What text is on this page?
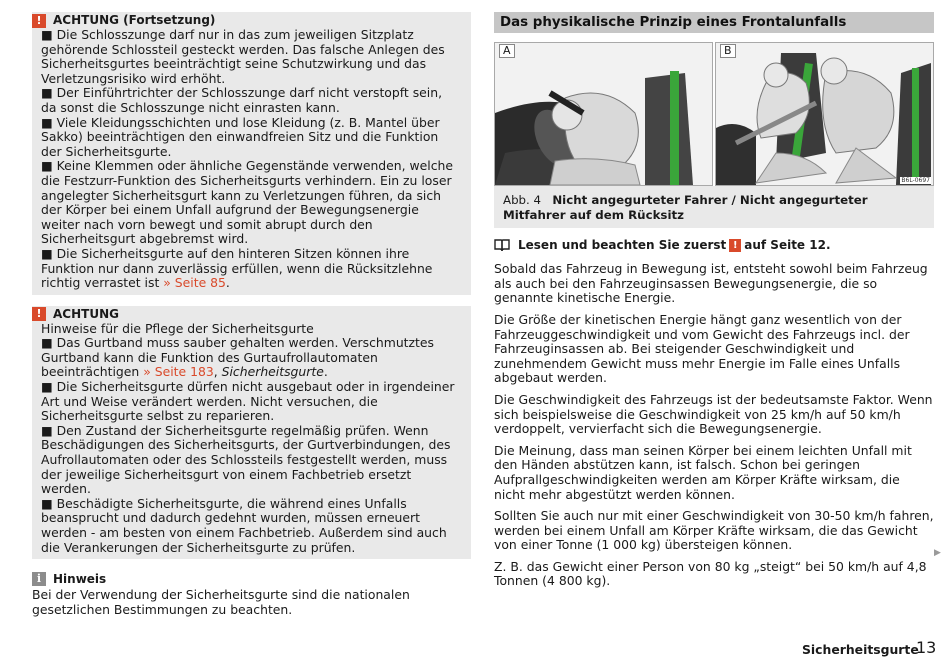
! ACHTUNG (Fortsetzung)

■ Die Schlosszunge darf nur in das zum jeweiligen Sitzplatz gehörende Schlossteil gesteckt werden. Das falsche Anlegen des Sicherheitsgurtes beeinträchtigt seine Schutzwirkung und das Verletzungsrisiko wird erhöht.

■ Der Einführtrichter der Schlosszunge darf nicht verstopft sein, da sonst die Schlosszunge nicht einrasten kann.

■ Viele Kleidungsschichten und lose Kleidung (z. B. Mantel über Sakko) beeinträchtigen den einwandfreien Sitz und die Funktion der Sicherheitsgurte.

■ Keine Klemmen oder ähnliche Gegenstände verwenden, welche die Festzurr-Funktion des Sicherheitsgurts verhindern. Ein zu loser angelegter Sicherheitsgurt kann zu Verletzungen führen, da sich der Körper bei einem Unfall aufgrund der Bewegungsenergie weiter nach vorn bewegt und somit abrupt durch den Sicherheitsgurt abgebremst wird.

■ Die Sicherheitsgurte auf den hinteren Sitzen können ihre Funktion nur dann zuverlässig erfüllen, wenn die Rücksitzlehne richtig verrastet ist » Seite 85.

! ACHTUNG

Hinweise für die Pflege der Sicherheitsgurte

■ Das Gurtband muss sauber gehalten werden. Verschmutztes Gurtband kann die Funktion des Gurtaufrollautomaten beeinträchtigen » Seite 183, Sicherheitsgurte.

■ Die Sicherheitsgurte dürfen nicht ausgebaut oder in irgendeiner Art und Weise verändert werden. Nicht versuchen, die Sicherheitsgurte selbst zu reparieren.

■ Den Zustand der Sicherheitsgurte regelmäßig prüfen. Wenn Beschädigungen des Sicherheitsgurts, der Gurtverbindungen, des Aufrollautomaten oder des Schlossteils festgestellt werden, muss der jeweilige Sicherheitsgurt von einem Fachbetrieb ersetzt werden.

■ Beschädigte Sicherheitsgurte, die während eines Unfalls beansprucht und dadurch gedehnt wurden, müssen erneuert werden - am besten von einem Fachbetrieb. Außerdem sind auch die Verankerungen der Sicherheitsgurte zu prüfen.

i Hinweis

Bei der Verwendung der Sicherheitsgurte sind die nationalen gesetzlichen Bestimmungen zu beachten.

Das physikalische Prinzip eines Frontalunfalls
A	B
B6L-0697
Abb. 4 Nicht angegurteter Fahrer / Nicht angegurteter Mitfahrer auf dem Rücksitz
Lesen und beachten Sie zuerst ! auf Seite 12.

Sobald das Fahrzeug in Bewegung ist, entsteht sowohl beim Fahrzeug als auch bei den Fahrzeuginsassen Bewegungsenergie, die so genannte kinetische Energie.

Die Größe der kinetischen Energie hängt ganz wesentlich von der Fahrzeuggeschwindigkeit und vom Gewicht des Fahrzeugs incl. der Fahrzeuginsassen ab. Bei steigender Geschwindigkeit und zunehmendem Gewicht muss mehr Energie im Falle eines Unfalls abgebaut werden.

Die Geschwindigkeit des Fahrzeugs ist der bedeutsamste Faktor. Wenn sich beispielsweise die Geschwindigkeit von 25 km/h auf 50 km/h verdoppelt, vervierfacht sich die Bewegungsenergie.

Die Meinung, dass man seinen Körper bei einem leichten Unfall mit den Händen abstützen kann, ist falsch. Schon bei geringen Aufprallgeschwindigkeiten werden am Körper Kräfte wirksam, die nicht mehr abgestützt werden können.

Sollten Sie auch nur mit einer Geschwindigkeit von 30-50 km/h fahren, werden bei einem Unfall am Körper Kräfte wirksam, die das Gewicht von einer Tonne (1 000 kg) übersteigen können.

Z. B. das Gewicht einer Person von 80 kg „steigt“ bei 50 km/h auf 4,8 Tonnen (4 800 kg).

▶
Sicherheitsgurte
13
